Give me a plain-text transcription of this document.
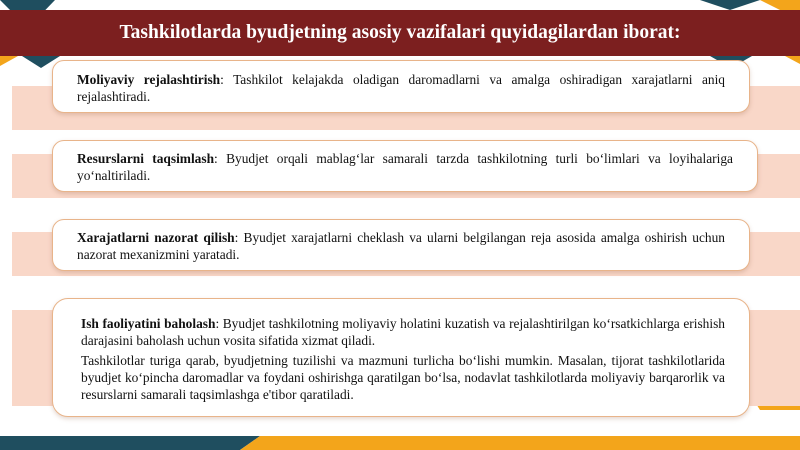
Tashkilotlarda byudjetning asosiy vazifalari quyidagilardan iborat:

Moliyaviy rejalashtirish: Tashkilot kelajakda oladigan daromadlarni va amalga oshiradigan xarajatlarni aniq rejalashtiradi.

Resurslarni taqsimlash: Byudjet orqali mablag‘lar samarali tarzda tashkilotning turli bo‘limlari va loyihalariga yo‘naltiriladi.

Xarajatlarni nazorat qilish: Byudjet xarajatlarni cheklash va ularni belgilangan reja asosida amalga oshirish uchun nazorat mexanizmini yaratadi.

Ish faoliyatini baholash: Byudjet tashkilotning moliyaviy holatini kuzatish va rejalashtirilgan ko‘rsatkichlarga erishish darajasini baholash uchun vosita sifatida xizmat qiladi.

Tashkilotlar turiga qarab, byudjetning tuzilishi va mazmuni turlicha bo‘lishi mumkin. Masalan, tijorat tashkilotlarida byudjet ko‘pincha daromadlar va foydani oshirishga qaratilgan bo‘lsa, nodavlat tashkilotlarda moliyaviy barqarorlik va resurslarni samarali taqsimlashga e'tibor qaratiladi.
